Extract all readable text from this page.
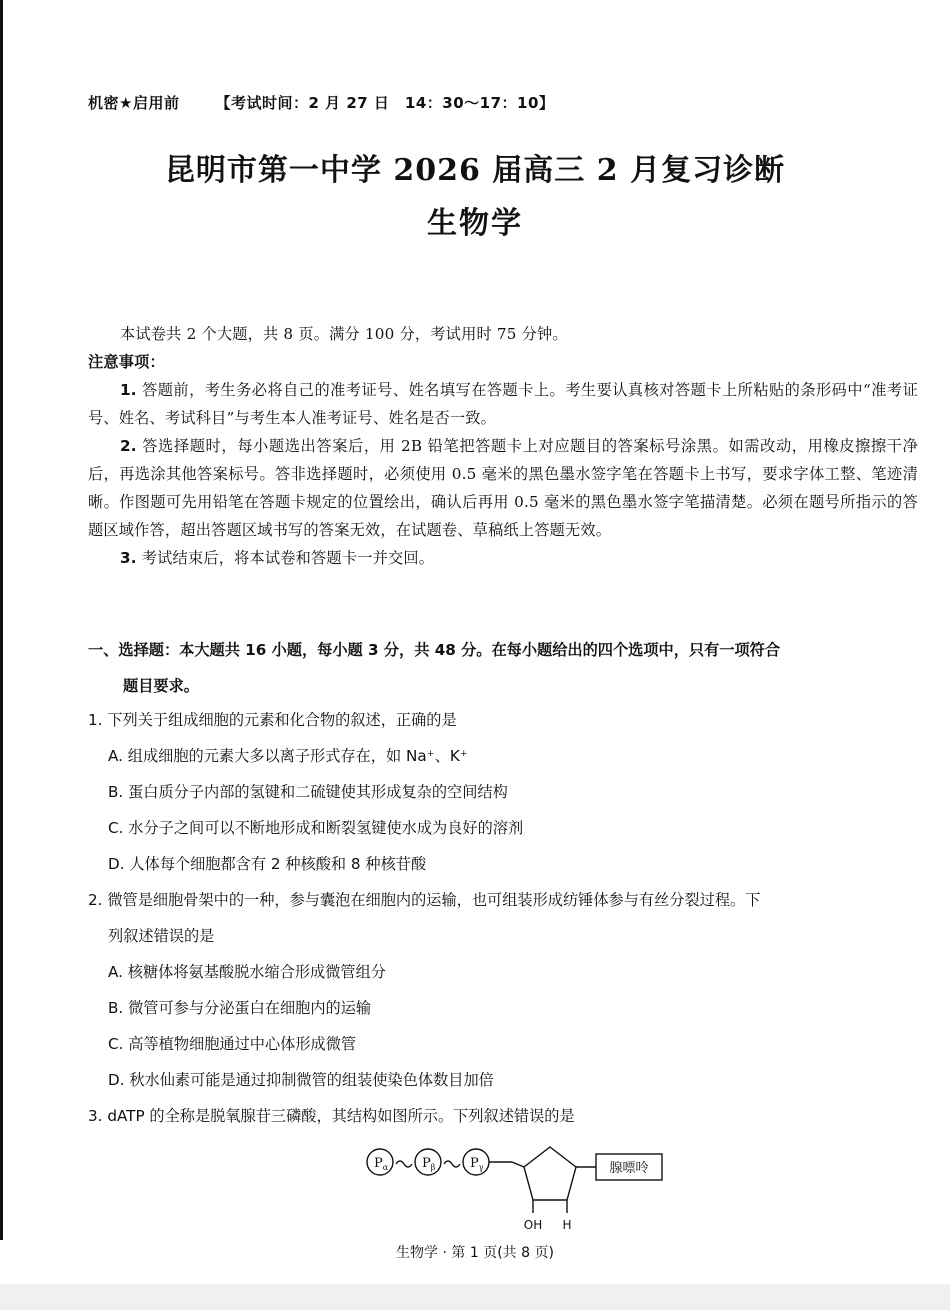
机密★启用前 【考试时间：2 月 27 日　14：30～17：10】
昆明市第一中学 2026 届高三 2 月复习诊断
生物学
本试卷共 2 个大题，共 8 页。满分 100 分，考试用时 75 分钟。
注意事项：

1. 答题前，考生务必将自己的准考证号、姓名填写在答题卡上。考生要认真核对答题卡上所粘贴的条形码中“准考证号、姓名、考试科目”与考生本人准考证号、姓名是否一致。

2. 答选择题时，每小题选出答案后，用 2B 铅笔把答题卡上对应题目的答案标号涂黑。如需改动，用橡皮擦擦干净后，再选涂其他答案标号。答非选择题时，必须使用 0.5 毫米的黑色墨水签字笔在答题卡上书写，要求字体工整、笔迹清晰。作图题可先用铅笔在答题卡规定的位置绘出，确认后再用 0.5 毫米的黑色墨水签字笔描清楚。必须在题号所指示的答题区域作答，超出答题区域书写的答案无效，在试题卷、草稿纸上答题无效。

3. 考试结束后，将本试卷和答题卡一并交回。

一、选择题：本大题共 16 小题，每小题 3 分，共 48 分。在每小题给出的四个选项中，只有一项符合
题目要求。
1. 下列关于组成细胞的元素和化合物的叙述，正确的是
A. 组成细胞的元素大多以离子形式存在，如 Na⁺、K⁺
B. 蛋白质分子内部的氢键和二硫键使其形成复杂的空间结构
C. 水分子之间可以不断地形成和断裂氢键使水成为良好的溶剂
D. 人体每个细胞都含有 2 种核酸和 8 种核苷酸
2. 微管是细胞骨架中的一种，参与囊泡在细胞内的运输，也可组装形成纺锤体参与有丝分裂过程。下
列叙述错误的是
A. 核糖体将氨基酸脱水缩合形成微管组分
B. 微管可参与分泌蛋白在细胞内的运输
C. 高等植物细胞通过中心体形成微管
D. 秋水仙素可能是通过抑制微管的组装使染色体数目加倍
3. dATP 的全称是脱氧腺苷三磷酸，其结构如图所示。下列叙述错误的是
$P_\alpha$	$P_\beta$	$P_\gamma$	腺嘌呤
OH H
生物学 · 第 1 页(共 8 页)
